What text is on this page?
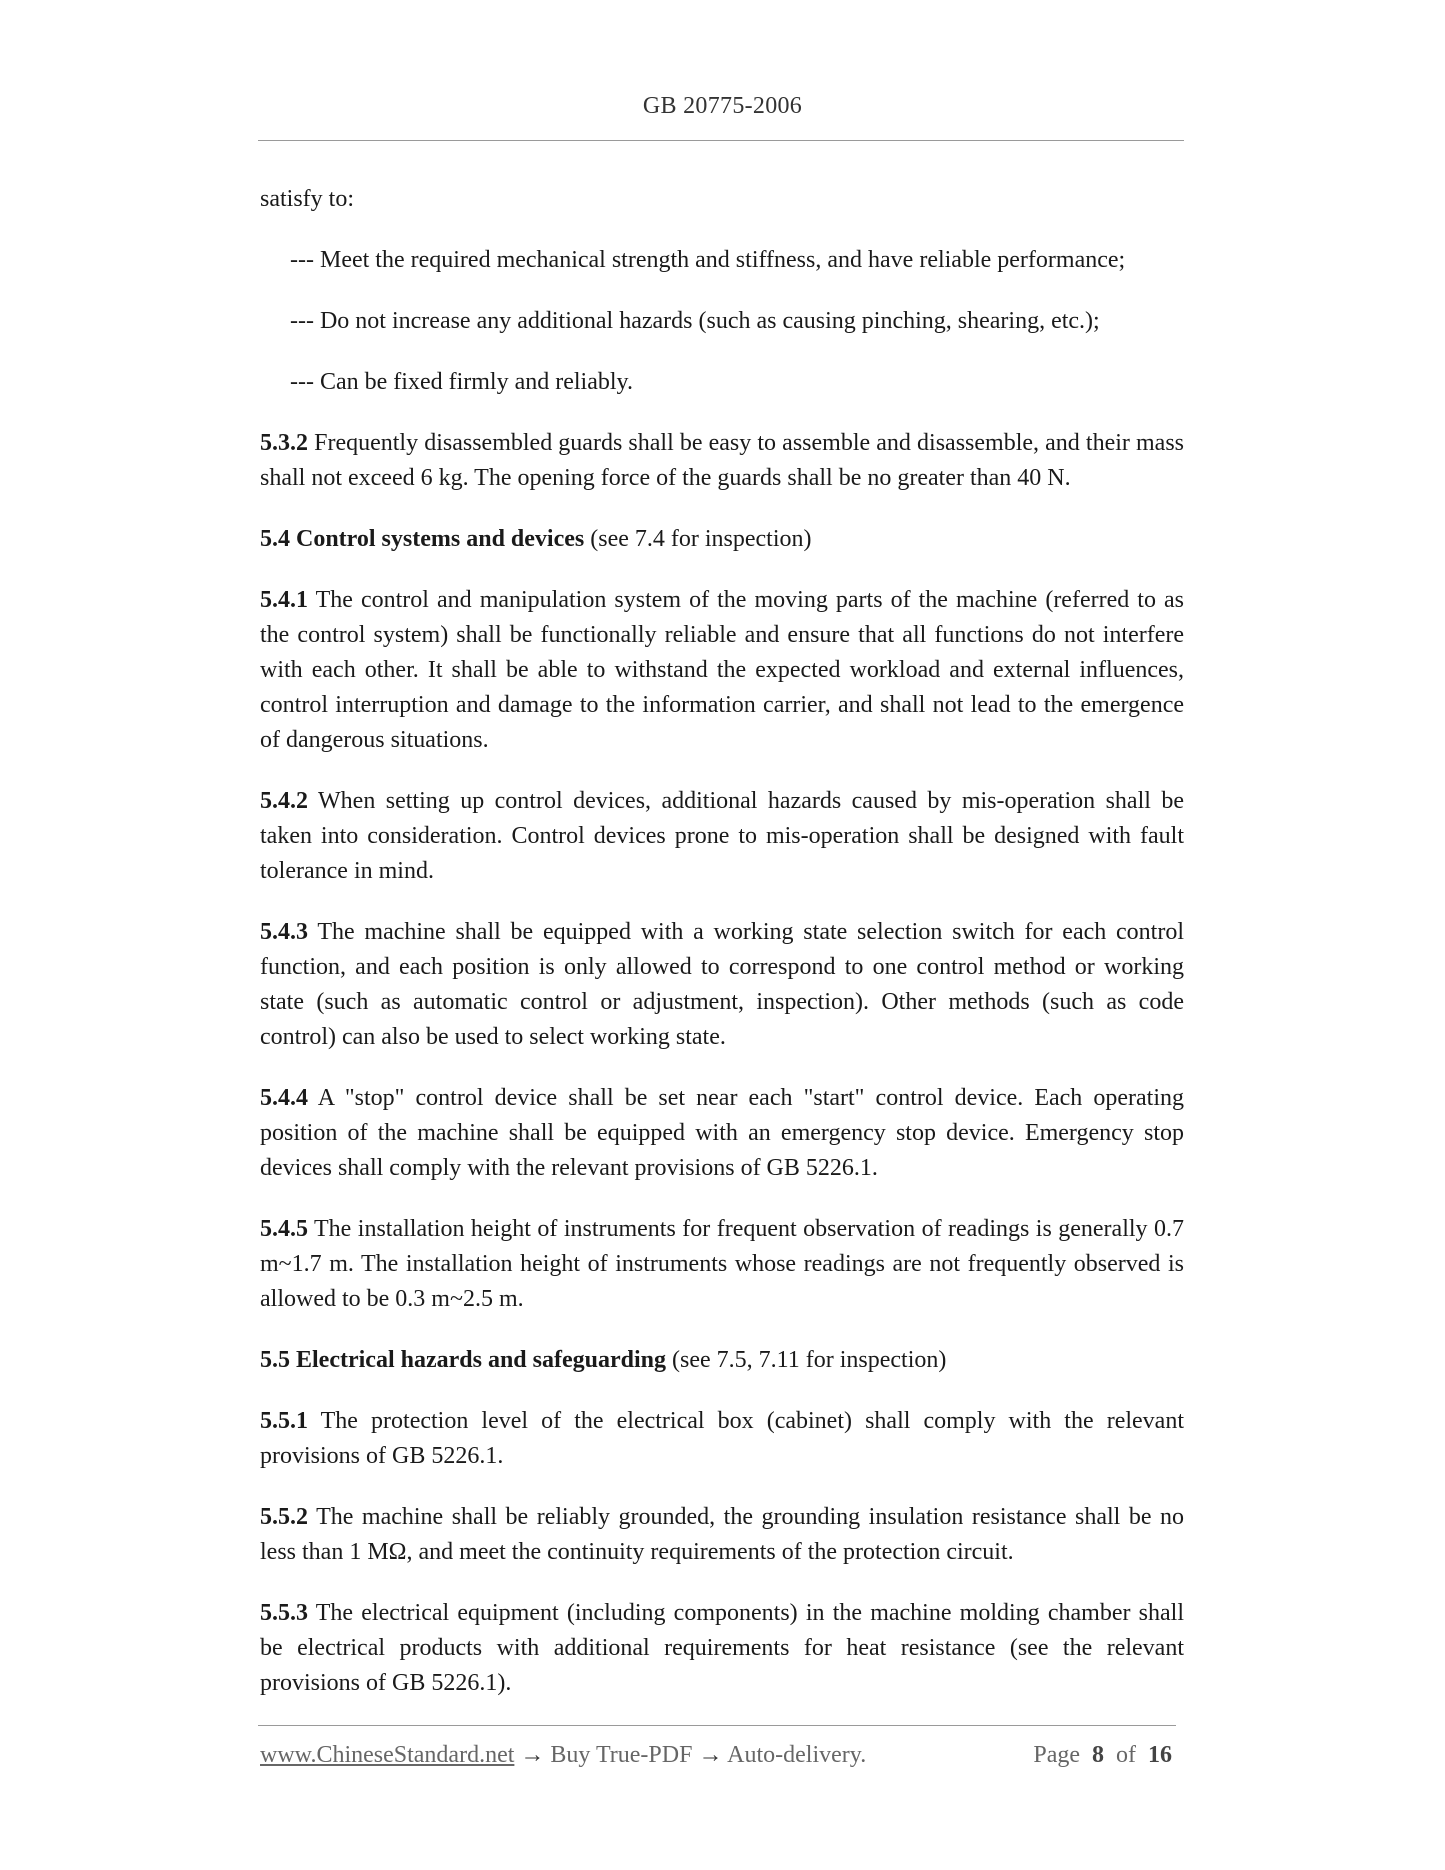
GB 20775-2006

satisfy to:

--- Meet the required mechanical strength and stiffness, and have reliable performance;

--- Do not increase any additional hazards (such as causing pinching, shearing, etc.);

--- Can be fixed firmly and reliably.

5.3.2 Frequently disassembled guards shall be easy to assemble and disassemble, and their mass shall not exceed 6 kg. The opening force of the guards shall be no greater than 40 N.

5.4 Control systems and devices (see 7.4 for inspection)

5.4.1 The control and manipulation system of the moving parts of the machine (referred to as the control system) shall be functionally reliable and ensure that all functions do not interfere with each other. It shall be able to withstand the expected workload and external influences, control interruption and damage to the information carrier, and shall not lead to the emergence of dangerous situations.

5.4.2 When setting up control devices, additional hazards caused by mis-operation shall be taken into consideration. Control devices prone to mis-operation shall be designed with fault tolerance in mind.

5.4.3 The machine shall be equipped with a working state selection switch for each control function, and each position is only allowed to correspond to one control method or working state (such as automatic control or adjustment, inspection). Other methods (such as code control) can also be used to select working state.

5.4.4 A "stop" control device shall be set near each "start" control device. Each operating position of the machine shall be equipped with an emergency stop device. Emergency stop devices shall comply with the relevant provisions of GB 5226.1.

5.4.5 The installation height of instruments for frequent observation of readings is generally 0.7 m~1.7 m. The installation height of instruments whose readings are not frequently observed is allowed to be 0.3 m~2.5 m.

5.5 Electrical hazards and safeguarding (see 7.5, 7.11 for inspection)

5.5.1 The protection level of the electrical box (cabinet) shall comply with the relevant provisions of GB 5226.1.

5.5.2 The machine shall be reliably grounded, the grounding insulation resistance shall be no less than 1 MΩ, and meet the continuity requirements of the protection circuit.

5.5.3 The electrical equipment (including components) in the machine molding chamber shall be electrical products with additional requirements for heat resistance (see the relevant provisions of GB 5226.1).

www.ChineseStandard.net → Buy True-PDF → Auto-delivery.	Page 8 of 16
